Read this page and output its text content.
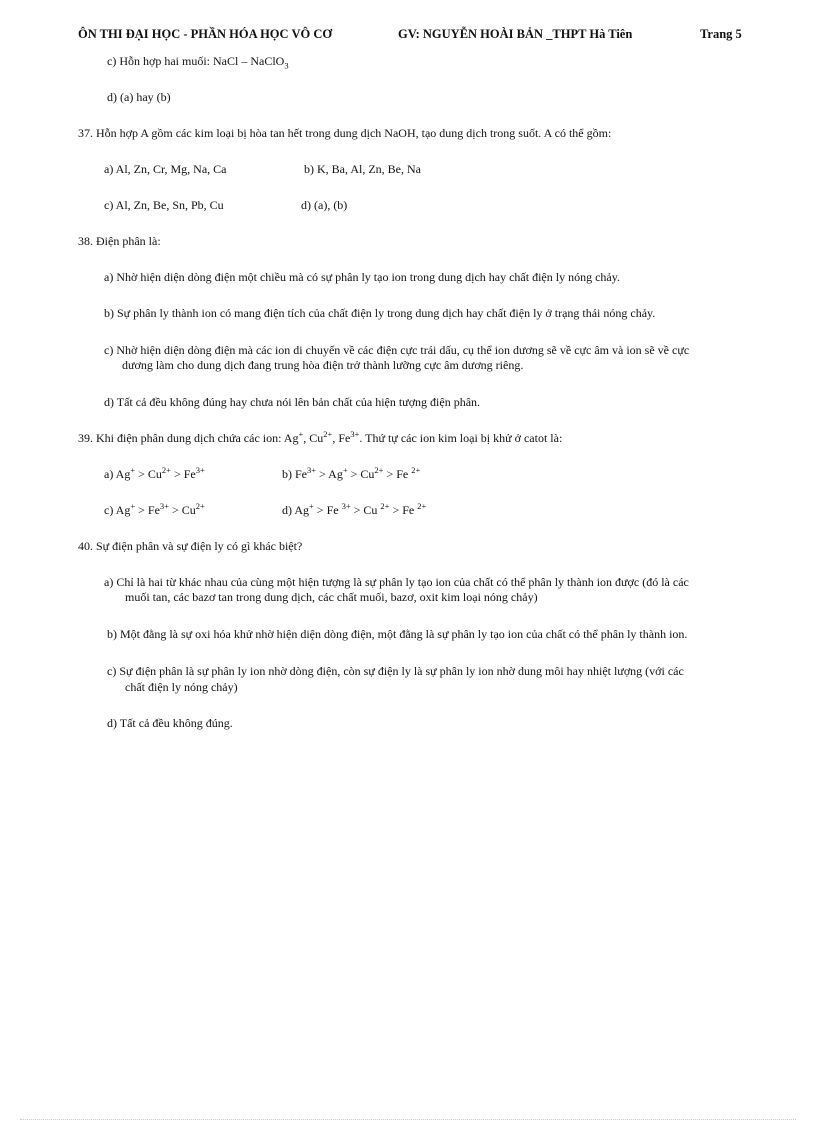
ÔN THI ĐẠI HỌC - PHẦN HÓA HỌC VÔ CƠ	GV: NGUYỄN HOÀI BẢN _THPT Hà Tiên	Trang 5
c) Hỗn hợp hai muối: NaCl – NaClO$_3$
d) (a) hay (b)
37. Hỗn hợp A gồm các kim loại bị hòa tan hết trong dung dịch NaOH, tạo dung dịch trong suốt. A có thể gồm:
a) Al, Zn, Cr, Mg, Na, Ca	b) K, Ba, Al, Zn, Be, Na
c) Al, Zn, Be, Sn, Pb, Cu	d) (a), (b)
38. Điện phân là:
a) Nhờ hiện diện dòng điện một chiều mà có sự phân ly tạo ion trong dung dịch hay chất điện ly nóng chảy.
b) Sự phân ly thành ion có mang điện tích của chất điện ly trong dung dịch hay chất điện ly ở trạng thái nóng chảy.
c) Nhờ hiện diện dòng điện mà các ion di chuyển về các điện cực trái dấu, cụ thể ion dương sẽ về cực âm và ion sẽ về cực
dương làm cho dung dịch đang trung hòa điện trở thành lưỡng cực âm dương riêng.
d) Tất cả đều không đúng hay chưa nói lên bản chất của hiện tượng điện phân.
39. Khi điện phân dung dịch chứa các ion: Ag+, $Cu^{2+}$, $Fe^{3+}$. Thứ tự các ion kim loại bị khử ở catot là:
a) $Ag^+ > Cu^{2+} > Fe^{3+}$	b) $Fe^{3+} > Ag^+ > Cu^{2+} > Fe$ $^{2+}$
c) $Ag^+ > Fe^{3+} > Cu^{2+}$	d) Ag+ > Fe $^{3+}$ > Cu $^{2+}$ > Fe $^{2+}$
40. Sự điện phân và sự điện ly có gì khác biệt?
a) Chỉ là hai từ khác nhau của cùng một hiện tượng là sự phân ly tạo ion của chất có thể phân ly thành ion được (đó là các
muối tan, các bazơ tan trong dung dịch, các chất muối, bazơ, oxit kim loại nóng chảy)
b) Một đằng là sự oxi hóa khử nhờ hiện diện dòng điện, một đằng là sự phân ly tạo ion của chất có thể phân ly thành ion.
c) Sự điện phân là sự phân ly ion nhờ dòng điện, còn sự điện ly là sự phân ly ion nhờ dung môi hay nhiệt lượng (với các
chất điện ly nóng chảy)
d) Tất cả đều không đúng.
